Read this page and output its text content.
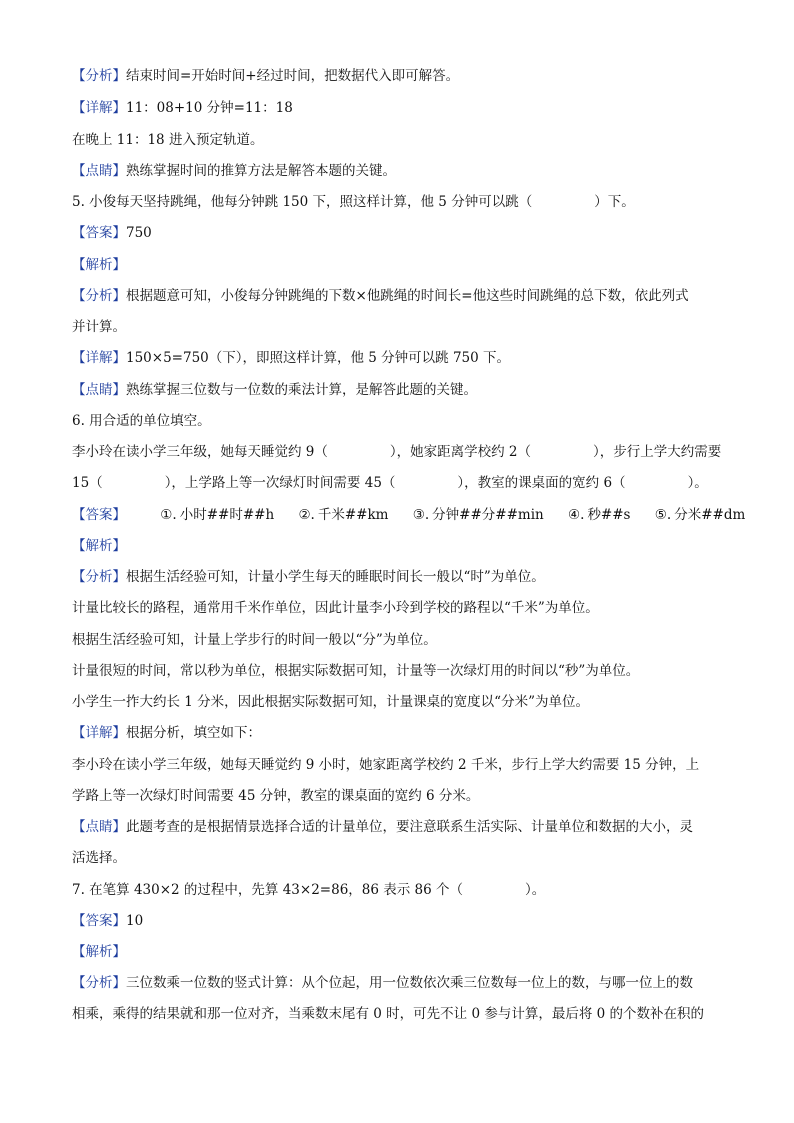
【分析】结束时间=开始时间+经过时间，把数据代入即可解答。
【详解】11：08+10 分钟=11：18
在晚上 11：18 进入预定轨道。
【点睛】熟练掌握时间的推算方法是解答本题的关键。
5. 小俊每天坚持跳绳，他每分钟跳 150 下，照这样计算，他 5 分钟可以跳（	）下。
【答案】750
【解析】
【分析】根据题意可知，小俊每分钟跳绳的下数×他跳绳的时间长=他这些时间跳绳的总下数，依此列式
并计算。
【详解】150×5=750（下），即照这样计算，他 5 分钟可以跳 750 下。
【点睛】熟练掌握三位数与一位数的乘法计算，是解答此题的关键。
6. 用合适的单位填空。
李小玲在读小学三年级，她每天睡觉约 9（	），她家距离学校约 2（	），步行上学大约需要
15（	），上学路上等一次绿灯时间需要 45（	），教室的课桌面的宽约 6（	）。
【答案】	①. 小时##时##h ②. 千米##km ③. 分钟##分##min ④. 秒##s ⑤. 分米##dm
【解析】
【分析】根据生活经验可知，计量小学生每天的睡眠时间长一般以“时”为单位。
计量比较长的路程，通常用千米作单位，因此计量李小玲到学校的路程以“千米”为单位。
根据生活经验可知，计量上学步行的时间一般以“分”为单位。
计量很短的时间，常以秒为单位，根据实际数据可知，计量等一次绿灯用的时间以“秒”为单位。
小学生一拃大约长 1 分米，因此根据实际数据可知，计量课桌的宽度以“分米”为单位。
【详解】根据分析，填空如下：
李小玲在读小学三年级，她每天睡觉约 9 小时，她家距离学校约 2 千米，步行上学大约需要 15 分钟，上
学路上等一次绿灯时间需要 45 分钟，教室的课桌面的宽约 6 分米。
【点睛】此题考查的是根据情景选择合适的计量单位，要注意联系生活实际、计量单位和数据的大小，灵
活选择。
7. 在笔算 430×2 的过程中，先算 43×2=86，86 表示 86 个（	）。
【答案】10
【解析】
【分析】三位数乘一位数的竖式计算：从个位起，用一位数依次乘三位数每一位上的数，与哪一位上的数
相乘，乘得的结果就和那一位对齐，当乘数末尾有 0 时，可先不让 0 参与计算，最后将 0 的个数补在积的
